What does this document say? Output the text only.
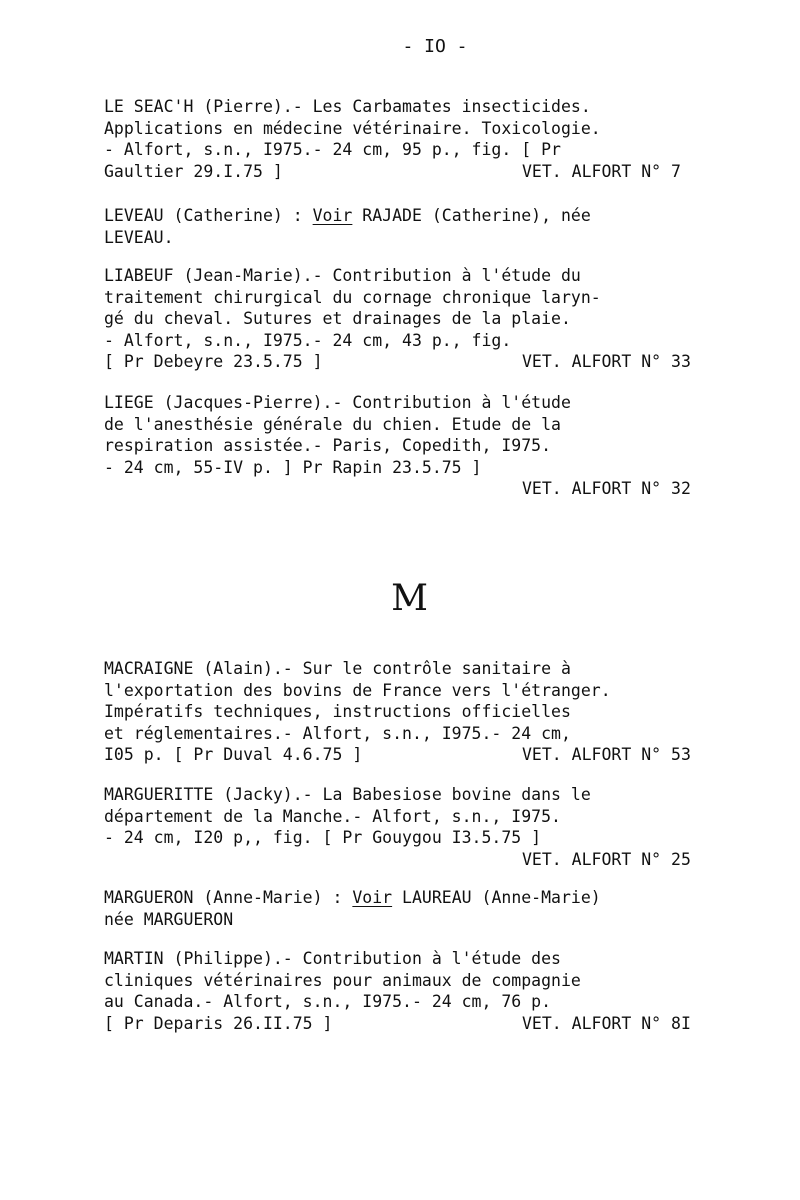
- IO -
LE SEAC'H (Pierre).- Les Carbamates insecticides.
Applications en médecine vétérinaire. Toxicologie.
- Alfort, s.n., I975.- 24 cm, 95 p., fig. [ Pr
Gaultier 29.I.75 ]	VET. ALFORT N° 7
LEVEAU (Catherine) : Voir RAJADE (Catherine), née
LEVEAU.
LIABEUF (Jean-Marie).- Contribution à l'étude du
traitement chirurgical du cornage chronique laryn-
gé du cheval. Sutures et drainages de la plaie.
- Alfort, s.n., I975.- 24 cm, 43 p., fig.
[ Pr Debeyre 23.5.75 ]	VET. ALFORT N° 33
LIEGE (Jacques-Pierre).- Contribution à l'étude
de l'anesthésie générale du chien. Etude de la
respiration assistée.- Paris, Copedith, I975.
- 24 cm, 55-IV p. ] Pr Rapin 23.5.75 ]
VET. ALFORT N° 32
M
MACRAIGNE (Alain).- Sur le contrôle sanitaire à
l'exportation des bovins de France vers l'étranger.
Impératifs techniques, instructions officielles
et réglementaires.- Alfort, s.n., I975.- 24 cm,
I05 p. [ Pr Duval 4.6.75 ]	VET. ALFORT N° 53
MARGUERITTE (Jacky).- La Babesiose bovine dans le
département de la Manche.- Alfort, s.n., I975.
- 24 cm, I20 p,, fig. [ Pr Gouygou I3.5.75 ]
VET. ALFORT N° 25
MARGUERON (Anne-Marie) : Voir LAUREAU (Anne-Marie)
née MARGUERON
MARTIN (Philippe).- Contribution à l'étude des
cliniques vétérinaires pour animaux de compagnie
au Canada.- Alfort, s.n., I975.- 24 cm, 76 p.
[ Pr Deparis 26.II.75 ]	VET. ALFORT N° 8I
